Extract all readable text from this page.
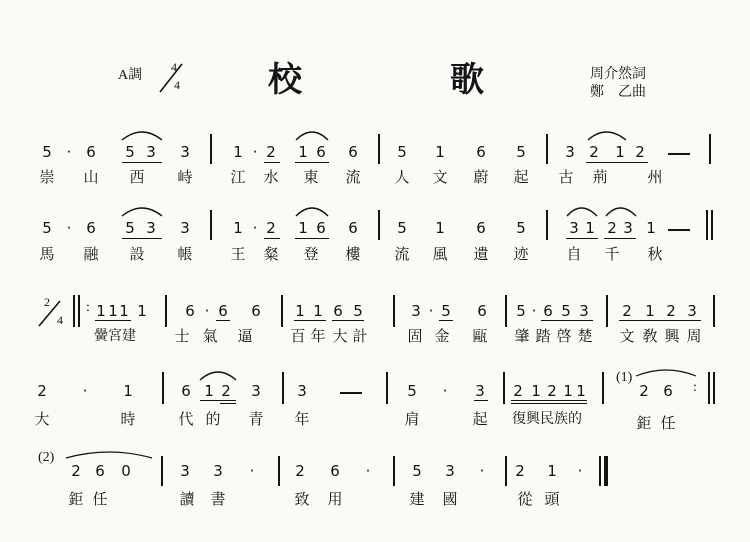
A調
4
4	校	歌	周介然詞
鄭　乙曲
5 · 6 5 3 3	1 · 2 1 6 6	5 1 6 5	3 2 1 2
崇 山 西 峙	江 水 東 流 人 文 蔚 起 古 荊	州
5 · 6 5 3 3	1 · 2 1 6 6	5 1 6 5	3 1 2 3 1
馬 融 設 帳	王 粲 登 樓 流 風 遺 迹	自 千 秋
2
4
: 1 1 1 1	6 · 6 6 1 1 6 5	3 · 5 6 5 · 6 5 3 2 1 2 3
黌宮建	士 氣 逼	百 年 大 計	固 金 甌 肇 踏 啓 楚 文 敎 興 周
2	·	1	6 1 2 3 3	5	·	3 2 1 2 1 1
(1)
2 6	:
大	時	代 的 青 年	肩	起 復興民族的	鉅 任
(2)
2 6 0	3 3	·	2 6	·	5 3	·	2 1	·
鉅 任	讀 書	致 用	建 國	從 頭
